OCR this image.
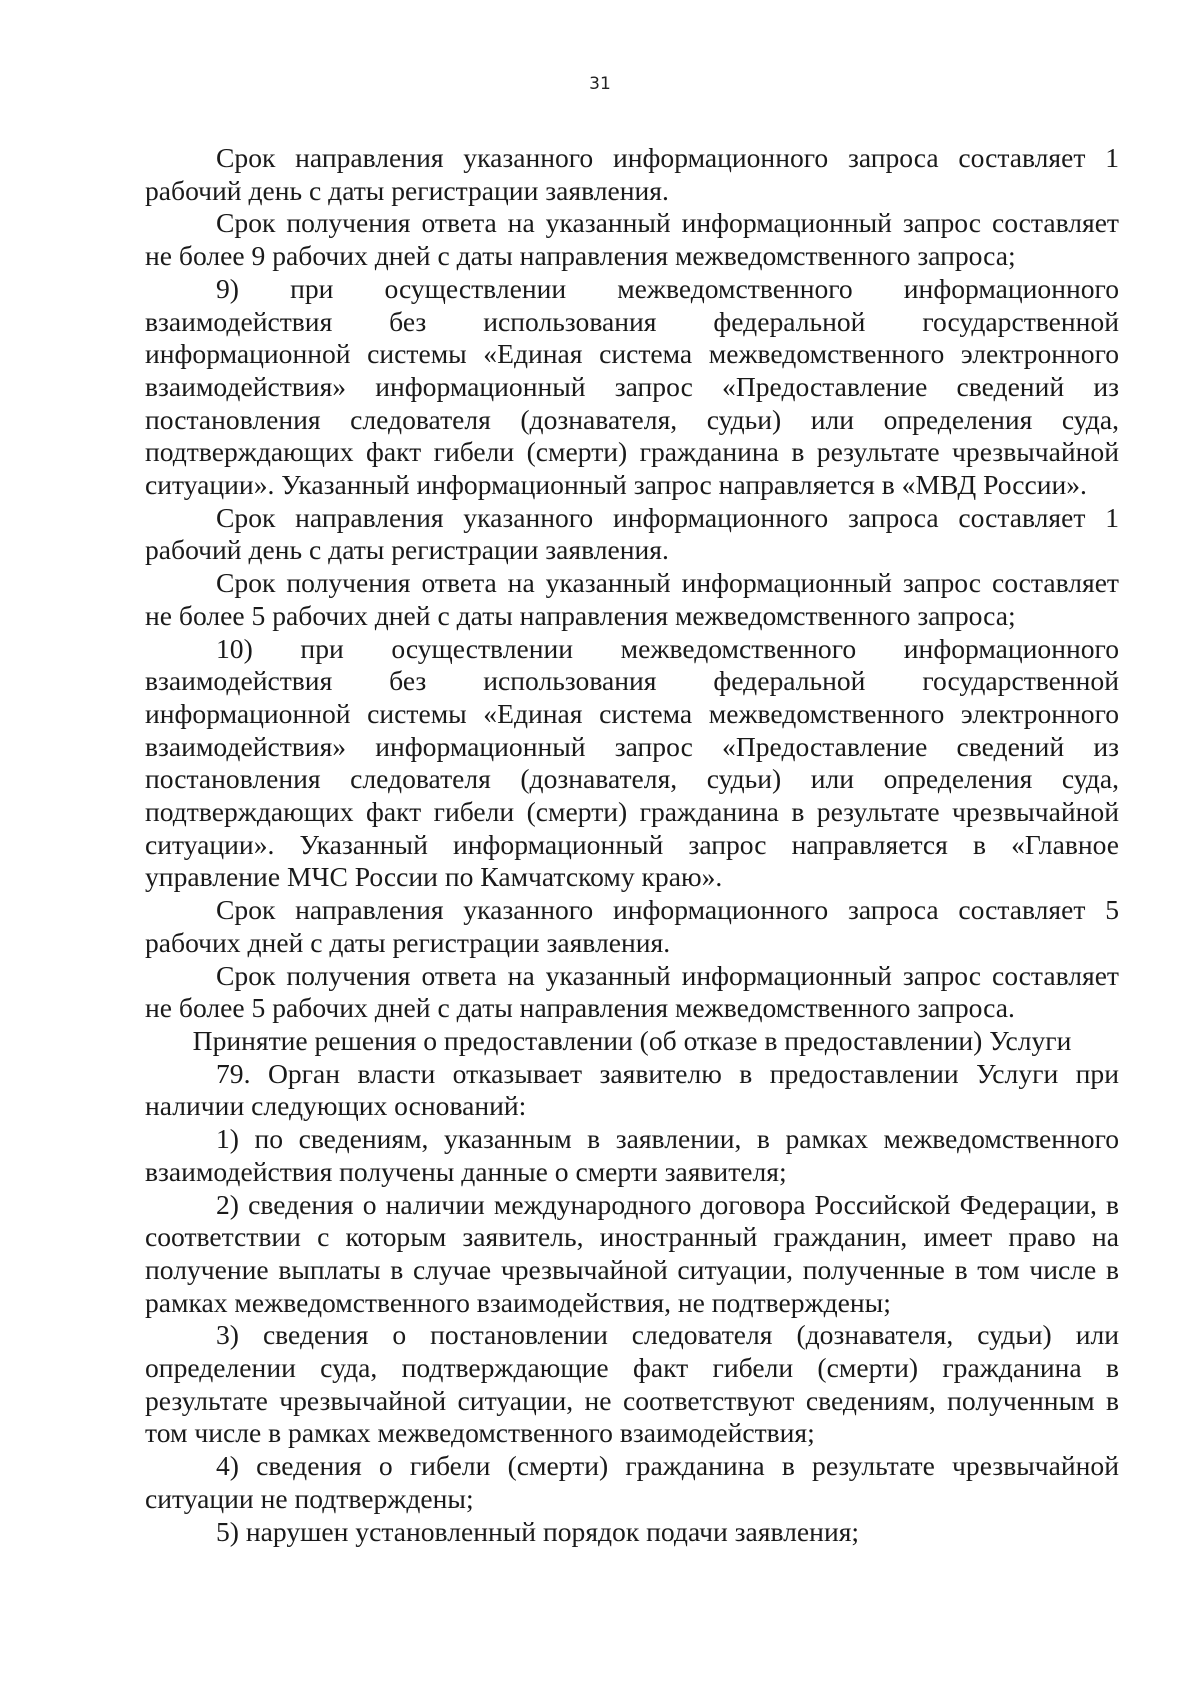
31

Срок направления указанного информационного запроса составляет 1 рабочий день с даты регистрации заявления.

Срок получения ответа на указанный информационный запрос составляет не более 9 рабочих дней с даты направления межведомственного запроса;

9) при осуществлении межведомственного информационного взаимодействия без использования федеральной государственной информационной системы «Единая система межведомственного электронного взаимодействия» информационный запрос «Предоставление сведений из постановления следователя (дознавателя, судьи) или определения суда, подтверждающих факт гибели (смерти) гражданина в результате чрезвычайной ситуации». Указанный информационный запрос направляется в «МВД России».

Срок направления указанного информационного запроса составляет 1 рабочий день с даты регистрации заявления.

Срок получения ответа на указанный информационный запрос составляет не более 5 рабочих дней с даты направления межведомственного запроса;

10) при осуществлении межведомственного информационного взаимодействия без использования федеральной государственной информационной системы «Единая система межведомственного электронного взаимодействия» информационный запрос «Предоставление сведений из постановления следователя (дознавателя, судьи) или определения суда, подтверждающих факт гибели (смерти) гражданина в результате чрезвычайной ситуации». Указанный информационный запрос направляется в «Главное управление МЧС России по Камчатскому краю».

Срок направления указанного информационного запроса составляет 5 рабочих дней с даты регистрации заявления.

Срок получения ответа на указанный информационный запрос составляет не более 5 рабочих дней с даты направления межведомственного запроса.

Принятие решения о предоставлении (об отказе в предоставлении) Услуги

79. Орган власти отказывает заявителю в предоставлении Услуги при наличии следующих оснований:

1) по сведениям, указанным в заявлении, в рамках межведомственного взаимодействия получены данные о смерти заявителя;

2) сведения о наличии международного договора Российской Федерации, в соответствии с которым заявитель, иностранный гражданин, имеет право на получение выплаты в случае чрезвычайной ситуации, полученные в том числе в рамках межведомственного взаимодействия, не подтверждены;

3) сведения о постановлении следователя (дознавателя, судьи) или определении суда, подтверждающие факт гибели (смерти) гражданина в результате чрезвычайной ситуации, не соответствуют сведениям, полученным в том числе в рамках межведомственного взаимодействия;

4) сведения о гибели (смерти) гражданина в результате чрезвычайной ситуации не подтверждены;

5) нарушен установленный порядок подачи заявления;
